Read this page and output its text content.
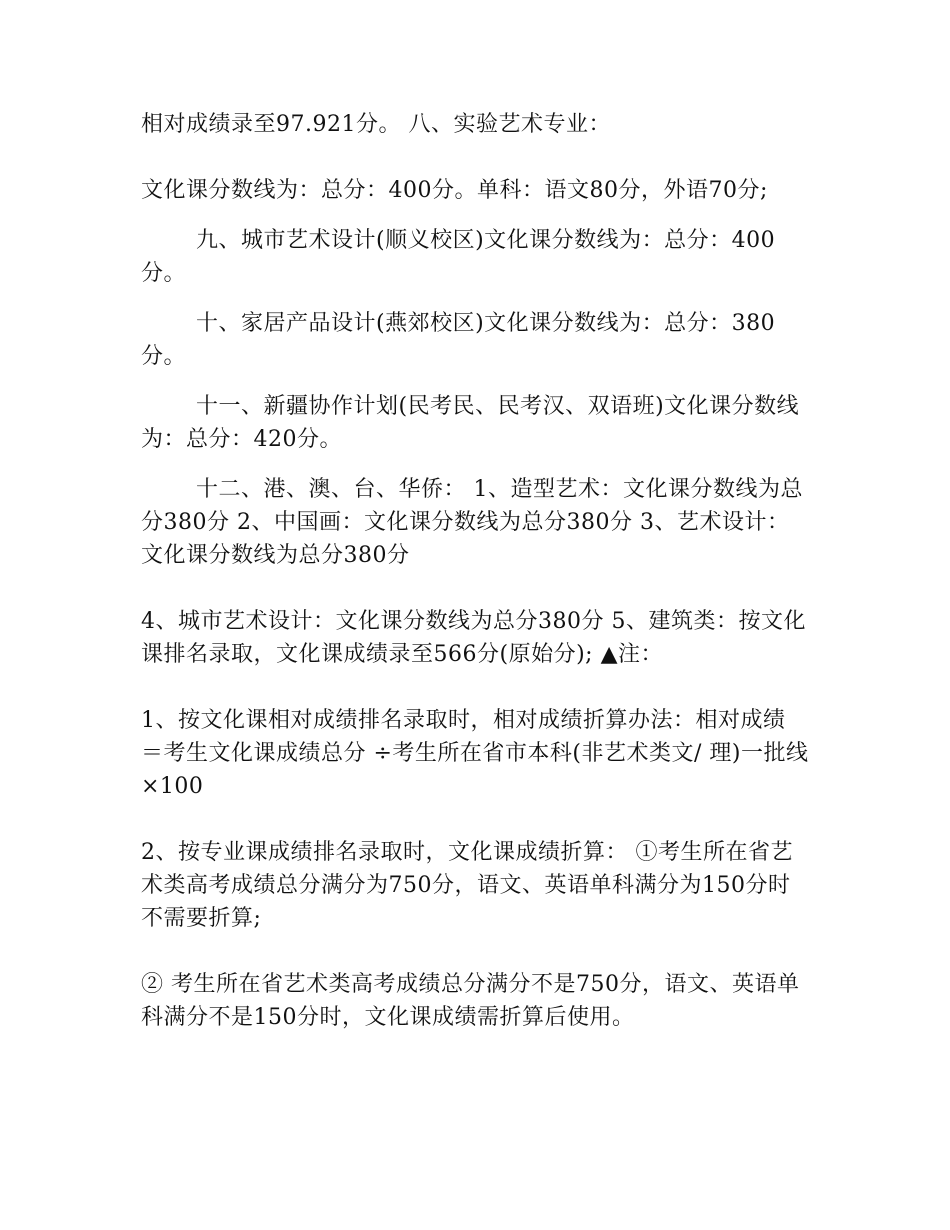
相对成绩录至97.921分。 八、实验艺术专业：

文化课分数线为：总分：400分。单科：语文80分，外语70分;

九、城市艺术设计(顺义校区)文化课分数线为：总分：400分。

十、家居产品设计(燕郊校区)文化课分数线为：总分：380分。

十一、新疆协作计划(民考民、民考汉、双语班)文化课分数线为：总分：420分。

十二、港、澳、台、华侨： 1、造型艺术：文化课分数线为总分380分 2、中国画：文化课分数线为总分380分 3、艺术设计：文化课分数线为总分380分

4、城市艺术设计：文化课分数线为总分380分 5、建筑类：按文化课排名录取，文化课成绩录至566分(原始分); ▲注：

1、按文化课相对成绩排名录取时，相对成绩折算办法：相对成绩 ＝考生文化课成绩总分 ÷考生所在省市本科(非艺术类文/ 理)一批线 ×100

2、按专业课成绩排名录取时，文化课成绩折算： ①考生所在省艺术类高考成绩总分满分为750分，语文、英语单科满分为150分时不需要折算;

② 考生所在省艺术类高考成绩总分满分不是750分，语文、英语单科满分不是150分时，文化课成绩需折算后使用。
